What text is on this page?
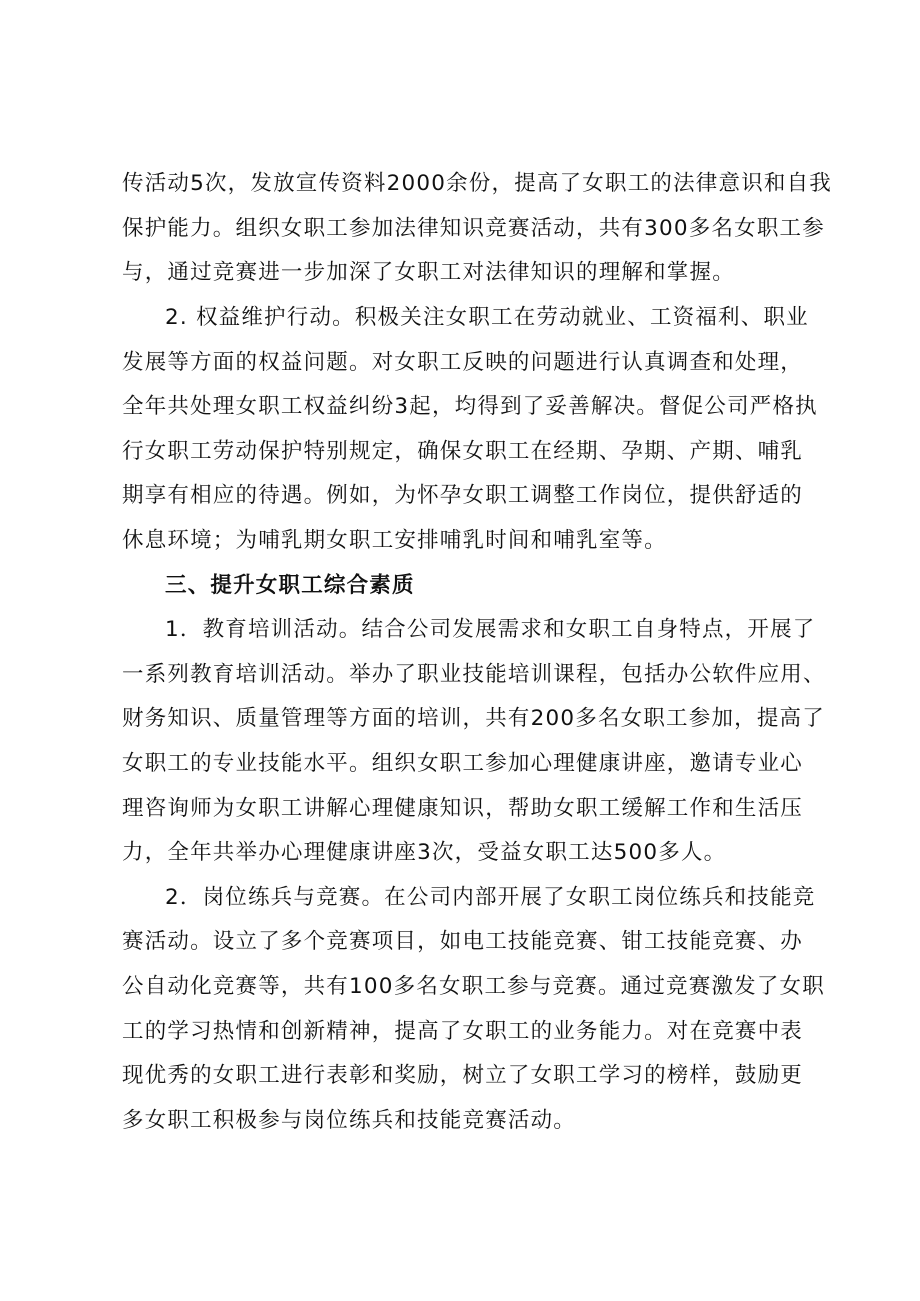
传活动5次，发放宣传资料2000余份，提高了女职工的法律意识和自我
保护能力。组织女职工参加法律知识竞赛活动，共有300多名女职工参
与，通过竞赛进一步加深了女职工对法律知识的理解和掌握。
2. 权益维护行动。积极关注女职工在劳动就业、工资福利、职业
发展等方面的权益问题。对女职工反映的问题进行认真调查和处理，
全年共处理女职工权益纠纷3起，均得到了妥善解决。督促公司严格执
行女职工劳动保护特别规定，确保女职工在经期、孕期、产期、哺乳
期享有相应的待遇。例如，为怀孕女职工调整工作岗位，提供舒适的
休息环境；为哺乳期女职工安排哺乳时间和哺乳室等。
三、提升女职工综合素质
1．教育培训活动。结合公司发展需求和女职工自身特点，开展了
一系列教育培训活动。举办了职业技能培训课程，包括办公软件应用、
财务知识、质量管理等方面的培训，共有200多名女职工参加，提高了
女职工的专业技能水平。组织女职工参加心理健康讲座，邀请专业心
理咨询师为女职工讲解心理健康知识，帮助女职工缓解工作和生活压
力，全年共举办心理健康讲座3次，受益女职工达500多人。
2．岗位练兵与竞赛。在公司内部开展了女职工岗位练兵和技能竞
赛活动。设立了多个竞赛项目，如电工技能竞赛、钳工技能竞赛、办
公自动化竞赛等，共有100多名女职工参与竞赛。通过竞赛激发了女职
工的学习热情和创新精神，提高了女职工的业务能力。对在竞赛中表
现优秀的女职工进行表彰和奖励，树立了女职工学习的榜样，鼓励更
多女职工积极参与岗位练兵和技能竞赛活动。
